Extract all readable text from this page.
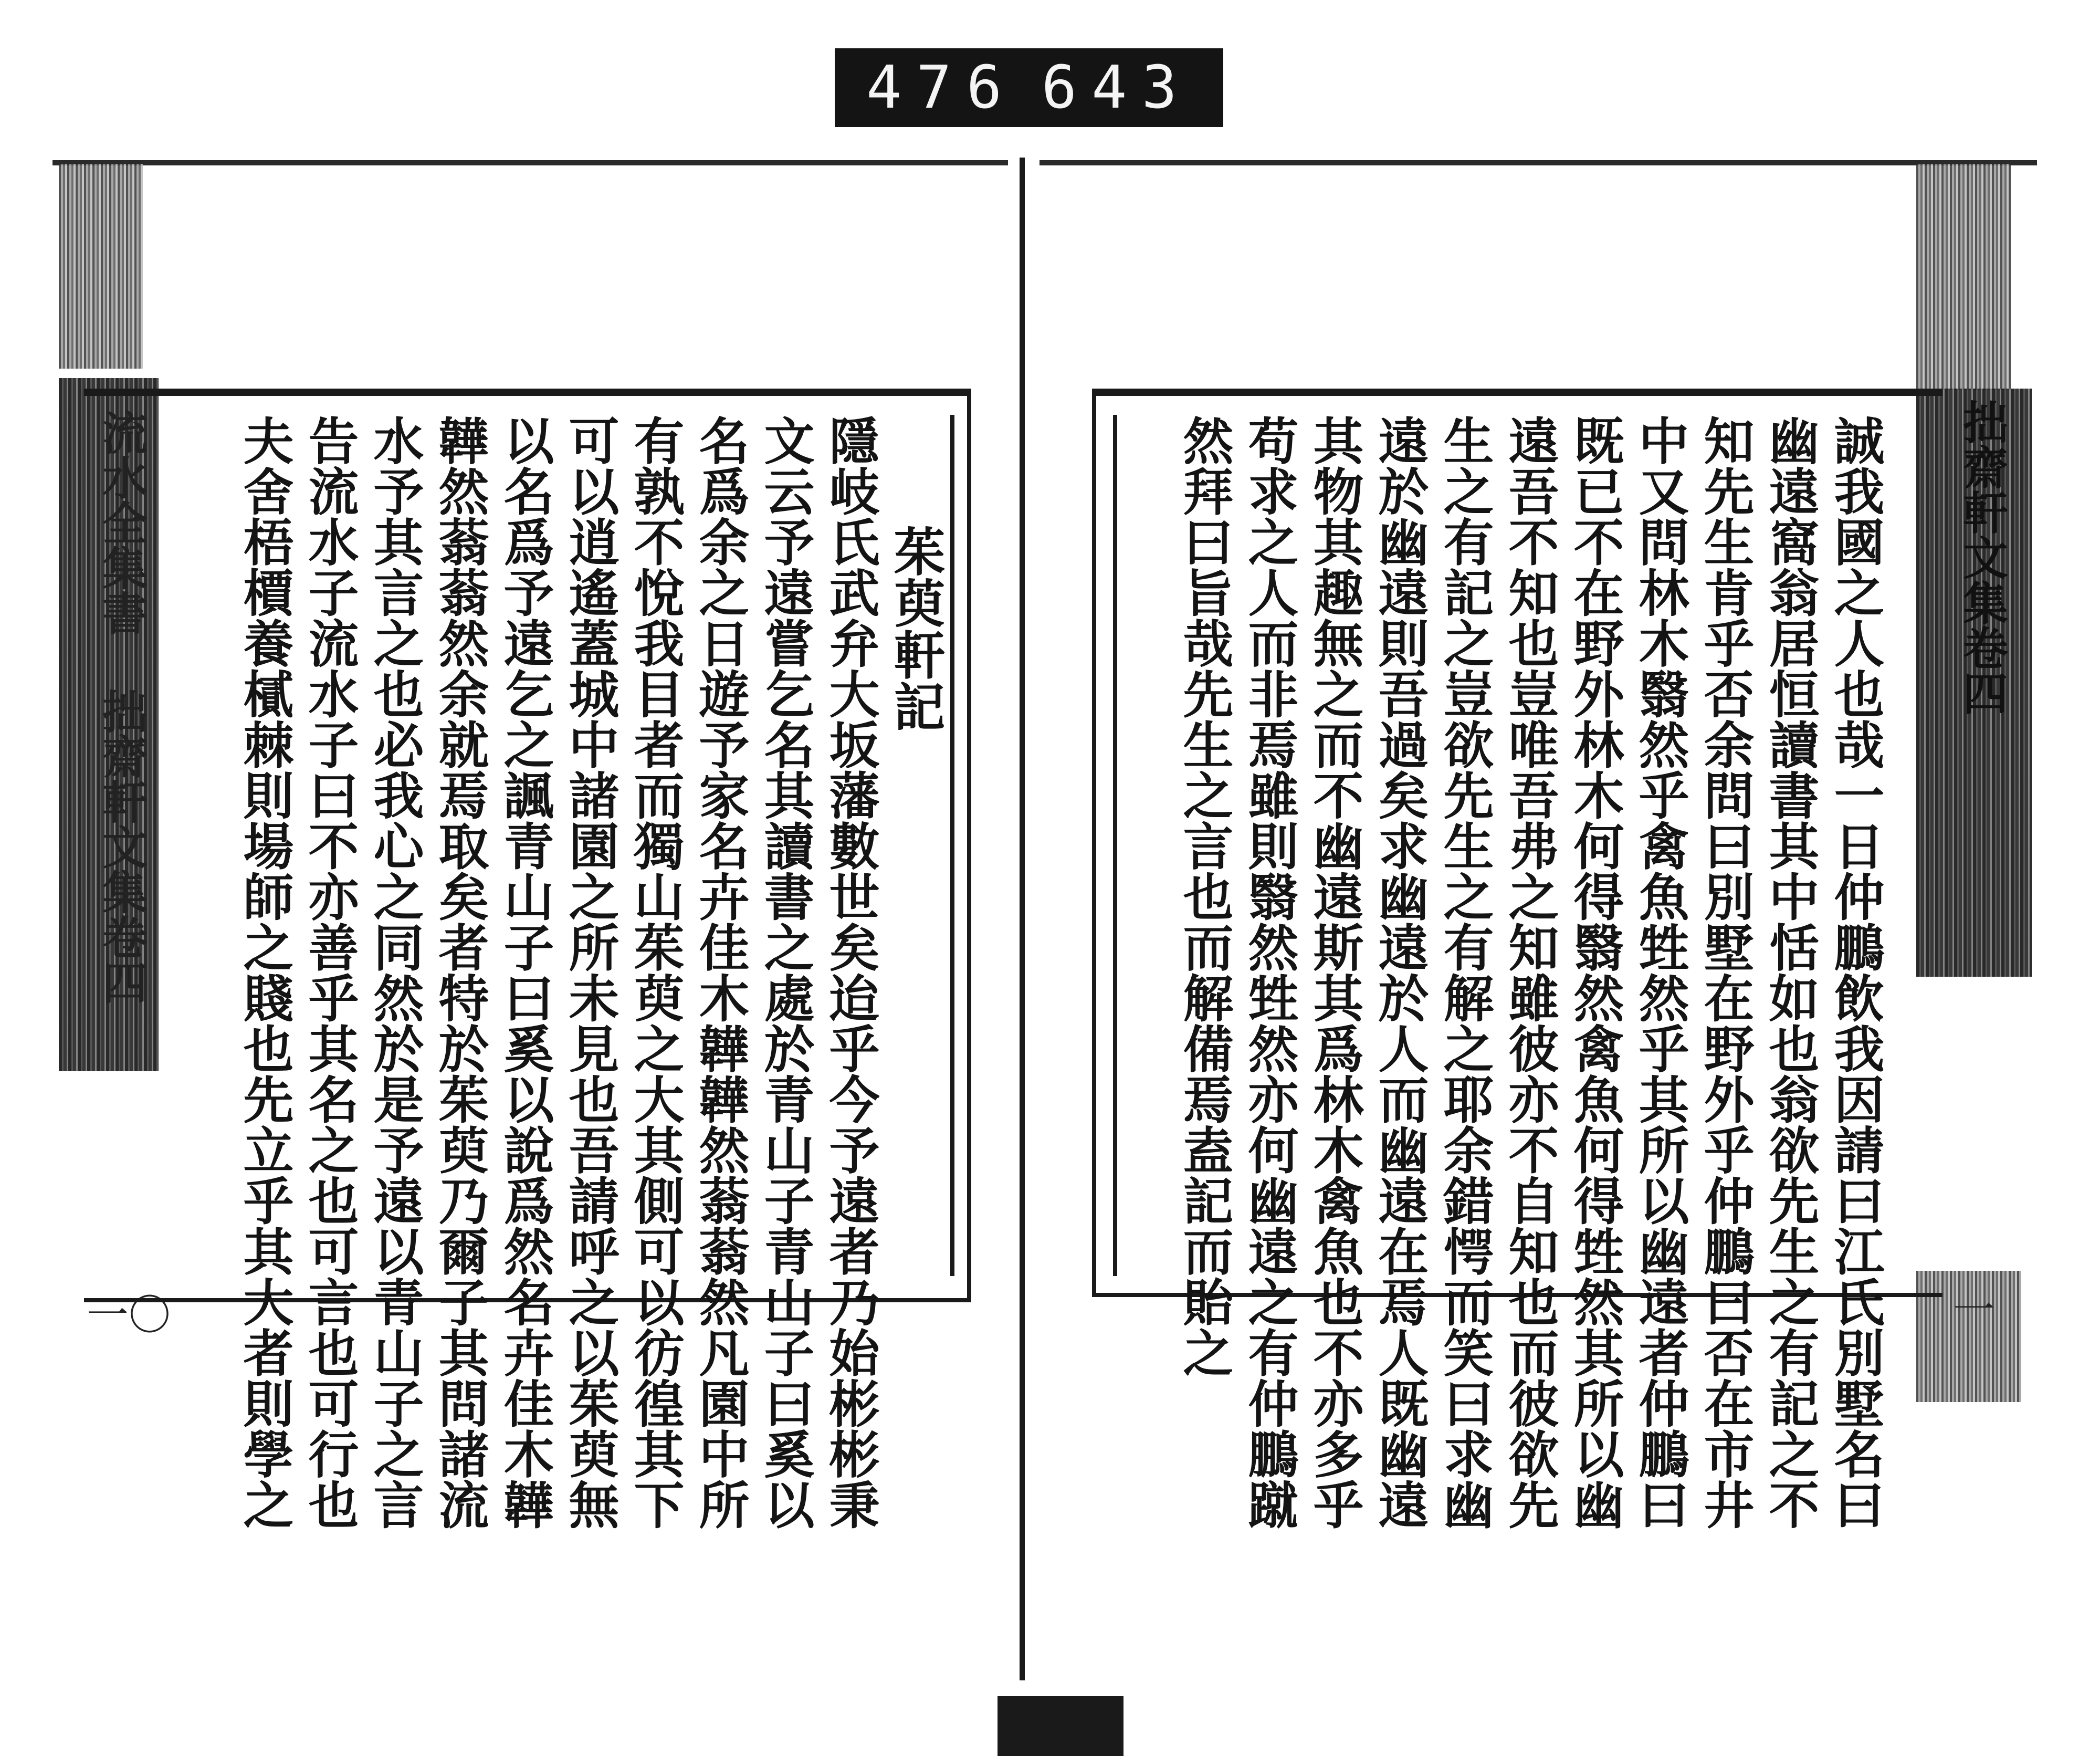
476 643
流水全集書 拙齋軒文集卷四
一〇
拙齋軒文集卷四
一
茱萸軒記
隱岐氏武弁大坂藩數世矣迨乎今予遠者乃始彬彬秉
文云予遠嘗乞名其讀書之處於青山子青山子曰奚以
名爲余之日遊予家名卉佳木韡韡然蓊蓊然凡園中所
有孰不悅我目者而獨山茱萸之大其側可以彷徨其下
可以逍遙蓋城中諸園之所未見也吾請呼之以茱萸無
以名爲予遠乞之諷青山子曰奚以說爲然名卉佳木韡
韡然蓊蓊然余就焉取矣者特於茱萸乃爾子其問諸流
水予其言之也必我心之同然於是予遠以青山子之言
告流水子流水子曰不亦善乎其名之也可言也可行也
夫舍梧檟養樲棘則場師之賤也先立乎其大者則學之	誠我國之人也哉一日仲鵬飲我因請曰江氏別墅名曰
幽遠窩翁居恒讀書其中恬如也翁欲先生之有記之不
知先生肯乎否余問曰別墅在野外乎仲鵬曰否在市井
中又問林木翳然乎禽魚甡然乎其所以幽遠者仲鵬曰
既已不在野外林木何得翳然禽魚何得甡然其所以幽
遠吾不知也豈唯吾弗之知雖彼亦不自知也而彼欲先
生之有記之豈欲先生之有解之耶余錯愕而笑曰求幽
遠於幽遠則吾過矣求幽遠於人而幽遠在焉人既幽遠
其物其趣無之而不幽遠斯其爲林木禽魚也不亦多乎
苟求之人而非焉雖則翳然甡然亦何幽遠之有仲鵬蹴
然拜曰旨哉先生之言也而解備焉盍記而貽之
